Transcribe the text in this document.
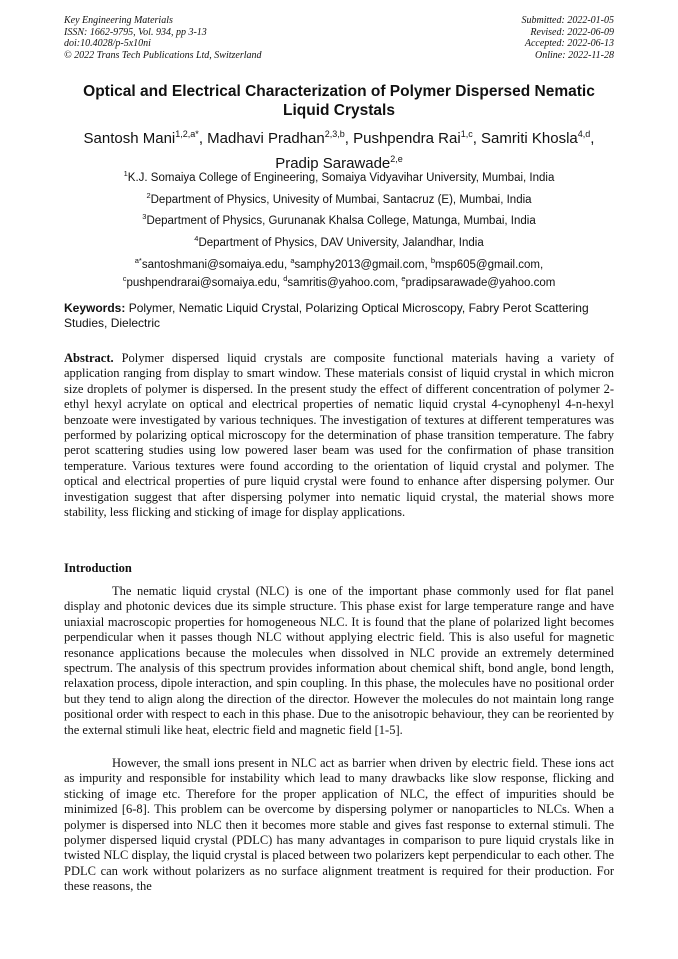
Key Engineering Materials
ISSN: 1662-9795, Vol. 934, pp 3-13
doi:10.4028/p-5x10ni
© 2022 Trans Tech Publications Ltd, Switzerland
Submitted: 2022-01-05
Revised: 2022-06-09
Accepted: 2022-06-13
Online: 2022-11-28
Optical and Electrical Characterization of Polymer Dispersed Nematic Liquid Crystals
Santosh Mani$^{1,2,a*}$, Madhavi Pradhan$^{2,3,b}$, Pushpendra Rai$^{1,c}$, Samriti Khosla$^{4,d}$,
Pradip Sarawade$^{2,e}$
$^1$K.J. Somaiya College of Engineering, Somaiya Vidyavihar University, Mumbai, India
$^2$Department of Physics, Univesity of Mumbai, Santacruz (E), Mumbai, India
$^3$Department of Physics, Gurunanak Khalsa College, Matunga, Mumbai, India
$^4$Department of Physics, DAV University, Jalandhar, India
$^{a*}$santoshmani@somaiya.edu, $^a$samphy2013@gmail.com, $^b$msp605@gmail.com,
$^c$pushpendrarai@somaiya.edu, $^d$samritis@yahoo.com, $^e$pradipsarawade@yahoo.com
Keywords: Polymer, Nematic Liquid Crystal, Polarizing Optical Microscopy, Fabry Perot Scattering Studies, Dielectric
Abstract. Polymer dispersed liquid crystals are composite functional materials having a variety of application ranging from display to smart window. These materials consist of liquid crystal in which micron size droplets of polymer is dispersed. In the present study the effect of different concentration of polymer 2-ethyl hexyl acrylate on optical and electrical properties of nematic liquid crystal 4-cynophenyl 4-n-hexyl benzoate were investigated by various techniques. The investigation of textures at different temperatures was performed by polarizing optical microscopy for the determination of phase transition temperature. The fabry perot scattering studies using low powered laser beam was used for the confirmation of phase transition temperature. Various textures were found according to the orientation of liquid crystal and polymer. The optical and electrical properties of pure liquid crystal were found to enhance after dispersing polymer. Our investigation suggest that after dispersing polymer into nematic liquid crystal, the material shows more stability, less flicking and sticking of image for display applications.
Introduction
The nematic liquid crystal (NLC) is one of the important phase commonly used for flat panel display and photonic devices due its simple structure. This phase exist for large temperature range and have uniaxial macroscopic properties for homogeneous NLC. It is found that the plane of polarized light becomes perpendicular when it passes though NLC without applying electric field. This is also useful for magnetic resonance applications because the molecules when dissolved in NLC provide an extremely determined spectrum. The analysis of this spectrum provides information about chemical shift, bond angle, bond length, relaxation process, dipole interaction, and spin coupling. In this phase, the molecules have no positional order but they tend to align along the direction of the director. However the molecules do not maintain long range positional order with respect to each in this phase. Due to the anisotropic behaviour, they can be reoriented by the external stimuli like heat, electric field and magnetic field [1-5].
However, the small ions present in NLC act as barrier when driven by electric field. These ions act as impurity and responsible for instability which lead to many drawbacks like slow response, flicking and sticking of image etc. Therefore for the proper application of NLC, the effect of impurities should be minimized [6-8]. This problem can be overcome by dispersing polymer or nanoparticles to NLCs. When a polymer is dispersed into NLC then it becomes more stable and gives fast response to external stimuli. The polymer dispersed liquid crystal (PDLC) has many advantages in comparison to pure liquid crystals like in twisted NLC display, the liquid crystal is placed between two polarizers kept perpendicular to each other. The PDLC can work without polarizers as no surface alignment treatment is required for their production. For these reasons, the
